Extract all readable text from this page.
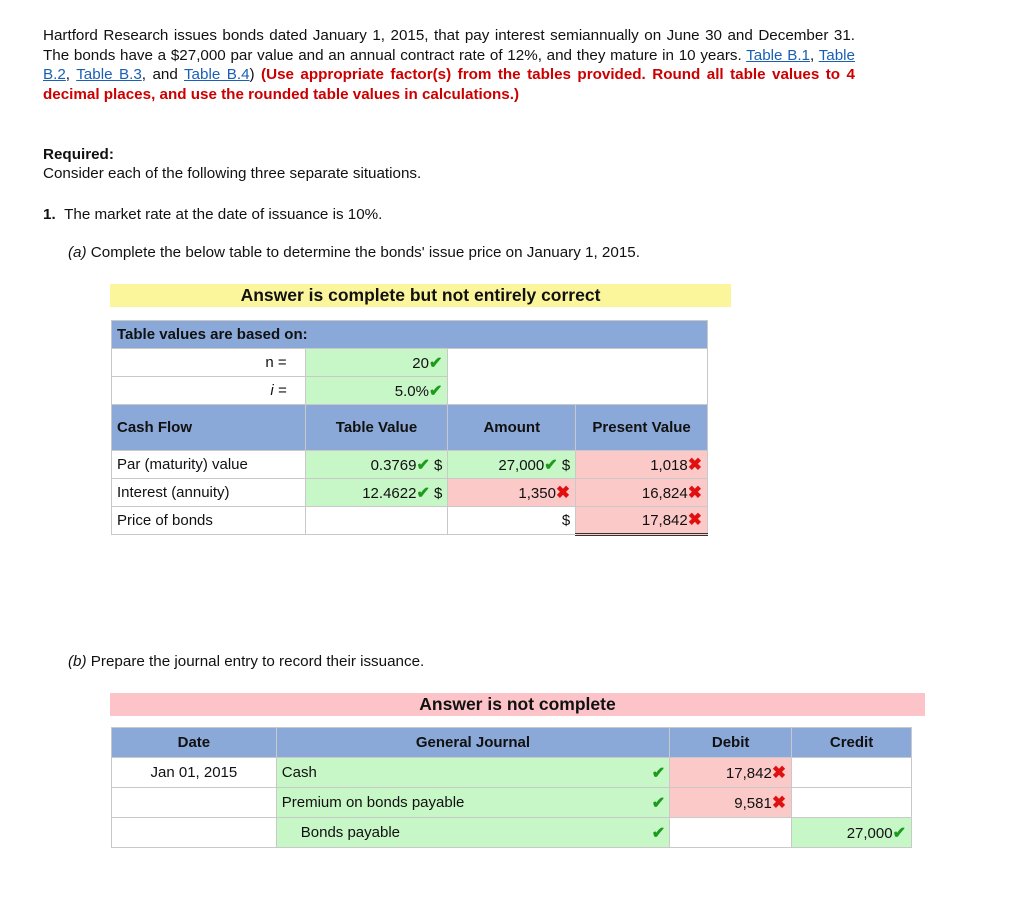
Hartford Research issues bonds dated January 1, 2015, that pay interest semiannually on June 30 and December 31. The bonds have a $27,000 par value and an annual contract rate of 12%, and they mature in 10 years. Table B.1, Table B.2, Table B.3, and Table B.4) (Use appropriate factor(s) from the tables provided. Round all table values to 4 decimal places, and use the rounded table values in calculations.)
Required:
Consider each of the following three separate situations.
1. The market rate at the date of issuance is 10%.
(a) Complete the below table to determine the bonds' issue price on January 1, 2015.
Answer is complete but not entirely correct
Table values are based on:			
n =	20✔		
i =	5.0%✔		
Cash Flow	Table Value	Amount	Present Value
Par (maturity) value	0.3769✔ $	27,000✔ $	1,018✖
Interest (annuity)	12.4622✔ $	1,350✖	16,824✖
Price of bonds		$	17,842✖
(b) Prepare the journal entry to record their issuance.
Answer is not complete
Date	General Journal	Debit	Credit
Jan 01, 2015	Cash ✔	17,842✖	
	Premium on bonds payable ✔	9,581✖	
	Bonds payable ✔		27,000✔
